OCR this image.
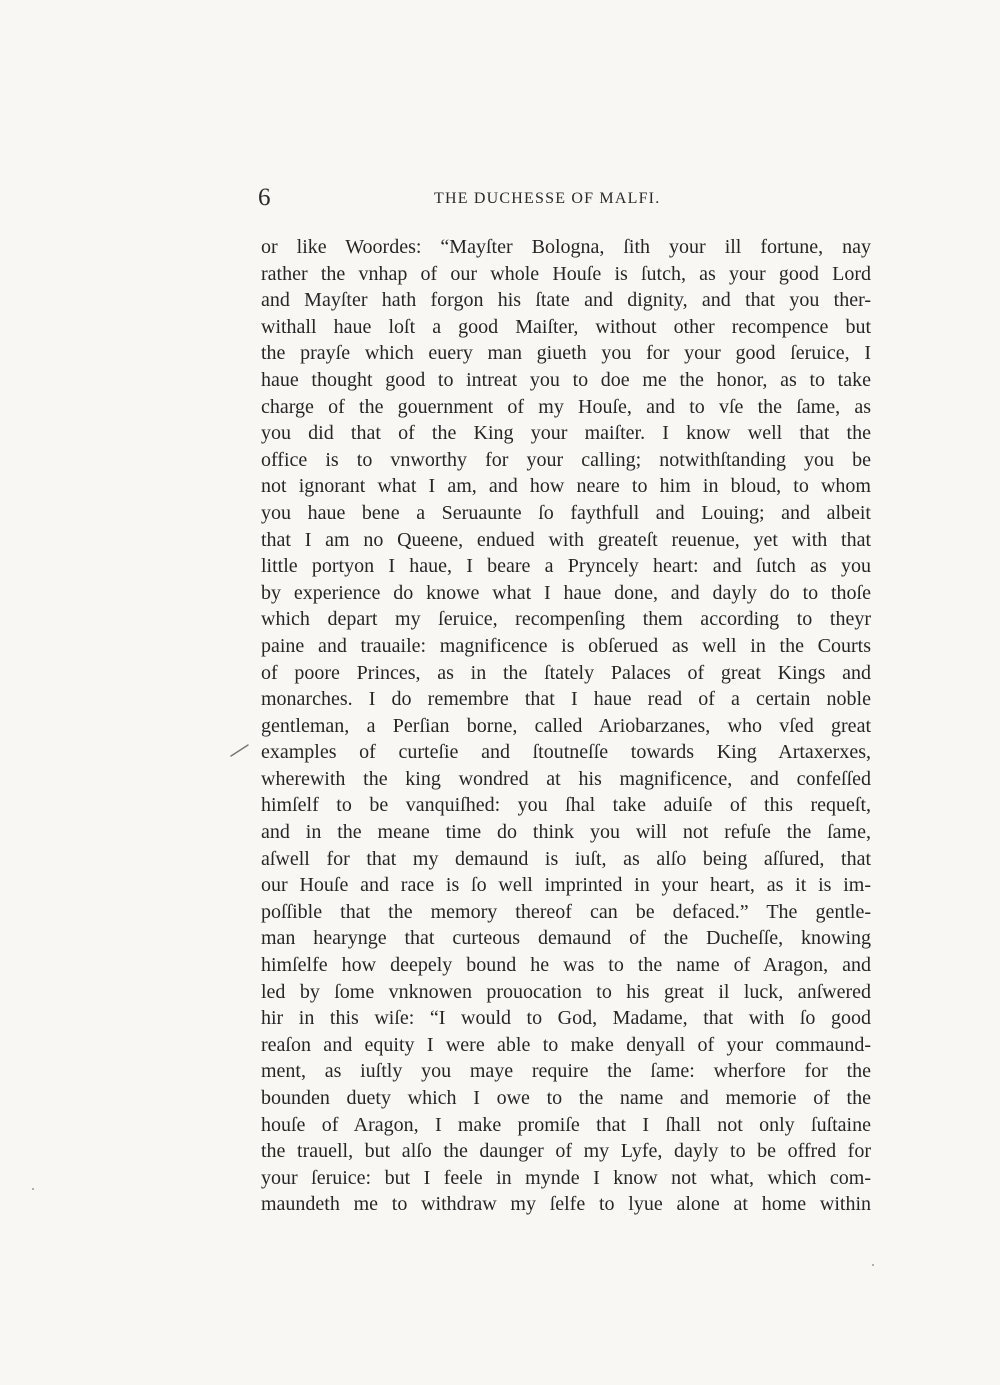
6	THE DUCHESSE OF MALFI.
or like Woordes: “Mayſter Bologna, ſith your ill fortune, nay
rather the vnhap of our whole Houſe is ſutch, as your good Lord
and Mayſter hath forgon his ſtate and dignity, and that you ther-
withall haue loſt a good Maiſter, without other recompence but
the prayſe which euery man giueth you for your good ſeruice, I
haue thought good to intreat you to doe me the honor, as to take
charge of the gouernment of my Houſe, and to vſe the ſame, as
you did that of the King your maiſter. I know well that the
office is to vnworthy for your calling; notwithſtanding you be
not ignorant what I am, and how neare to him in bloud, to whom
you haue bene a Seruaunte ſo faythfull and Louing; and albeit
that I am no Queene, endued with greateſt reuenue, yet with that
little portyon I haue, I beare a Pryncely heart: and ſutch as you
by experience do knowe what I haue done, and dayly do to thoſe
which depart my ſeruice, recompenſing them according to theyr
paine and trauaile: magnificence is obſerued as well in the Courts
of poore Princes, as in the ſtately Palaces of great Kings and
monarches. I do remembre that I haue read of a certain noble
gentleman, a Perſian borne, called Ariobarzanes, who vſed great
examples of curteſie and ſtoutneſſe towards King Artaxerxes,
wherewith the king wondred at his magnificence, and confeſſed
himſelf to be vanquiſhed: you ſhal take aduiſe of this requeſt,
and in the meane time do think you will not refuſe the ſame,
aſwell for that my demaund is iuſt, as alſo being aſſured, that
our Houſe and race is ſo well imprinted in your heart, as it is im-
poſſible that the memory thereof can be defaced.” The gentle-
man hearynge that curteous demaund of the Ducheſſe, knowing
himſelfe how deepely bound he was to the name of Aragon, and
led by ſome vnknowen prouocation to his great il luck, anſwered
hir in this wiſe: “I would to God, Madame, that with ſo good
reaſon and equity I were able to make denyall of your commaund-
ment, as iuſtly you maye require the ſame: wherfore for the
bounden duety which I owe to the name and memorie of the
houſe of Aragon, I make promiſe that I ſhall not only ſuſtaine
the trauell, but alſo the daunger of my Lyfe, dayly to be offred for
your ſeruice: but I feele in mynde I know not what, which com-
maundeth me to withdraw my ſelfe to lyue alone at home within
